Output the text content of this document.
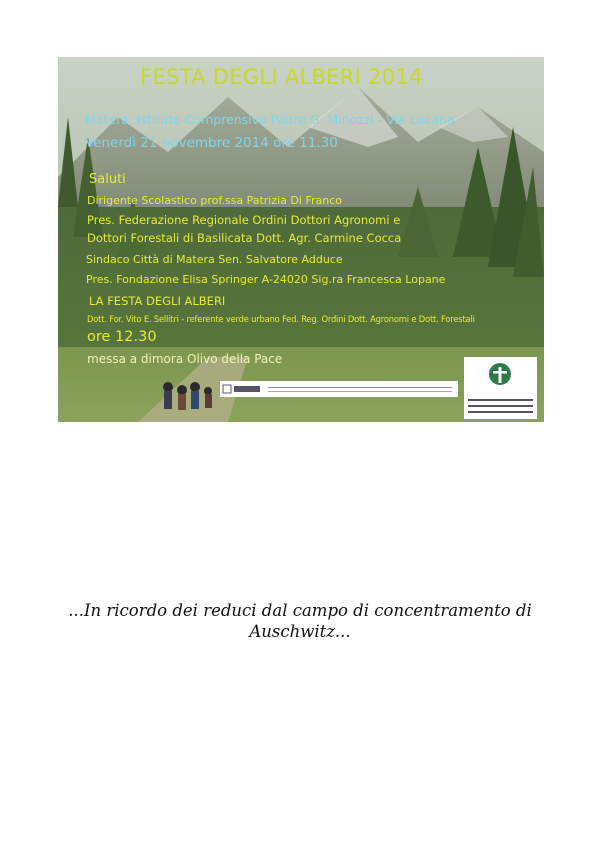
FESTA DEGLI ALBERI 2014
Matera, Istituto Comprensivo Padre G. Minozzi - Via Lucana
Venerdì 21 novembre 2014 ore 11.30
Saluti
Dirigente Scolastico prof.ssa Patrizia Di Franco
Pres. Federazione Regionale Ordini Dottori Agronomi e
Dottori Forestali di Basilicata Dott. Agr. Carmine Cocca
Sindaco Città di Matera Sen. Salvatore Adduce
Pres. Fondazione Elisa Springer A-24020 Sig.ra Francesca Lopane
LA FESTA DEGLI ALBERI
Dott. For. Vito E. Sellitri - referente verde urbano Fed. Reg. Ordini Dott. Agronomi e Dott. Forestali
ore 12.30
messa a dimora Olivo della Pace

...In ricordo dei reduci dal campo di concentramento di
Auschwitz...
